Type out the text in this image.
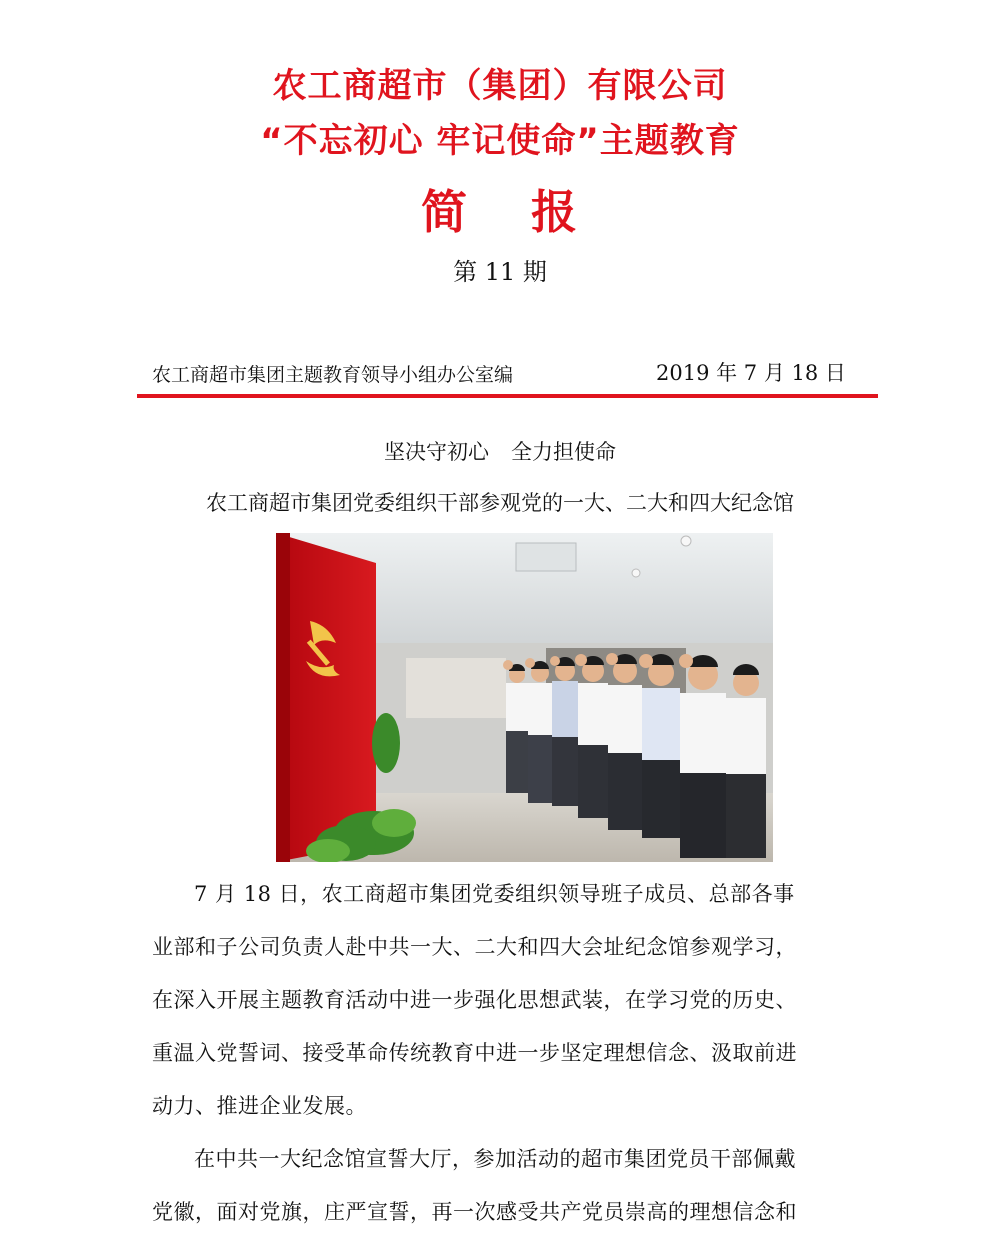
农工商超市（集团）有限公司
“不忘初心 牢记使命”主题教育
简 报
第 11 期
农工商超市集团主题教育领导小组办公室编	2019 年 7 月 18 日
坚决守初心 全力担使命
农工商超市集团党委组织干部参观党的一大、二大和四大纪念馆
7 月 18 日，农工商超市集团党委组织领导班子成员、总部各事
业部和子公司负责人赴中共一大、二大和四大会址纪念馆参观学习，
在深入开展主题教育活动中进一步强化思想武装，在学习党的历史、
重温入党誓词、接受革命传统教育中进一步坚定理想信念、汲取前进
动力、推进企业发展。
在中共一大纪念馆宣誓大厅，参加活动的超市集团党员干部佩戴
党徽，面对党旗，庄严宣誓，再一次感受共产党员崇高的理想信念和
